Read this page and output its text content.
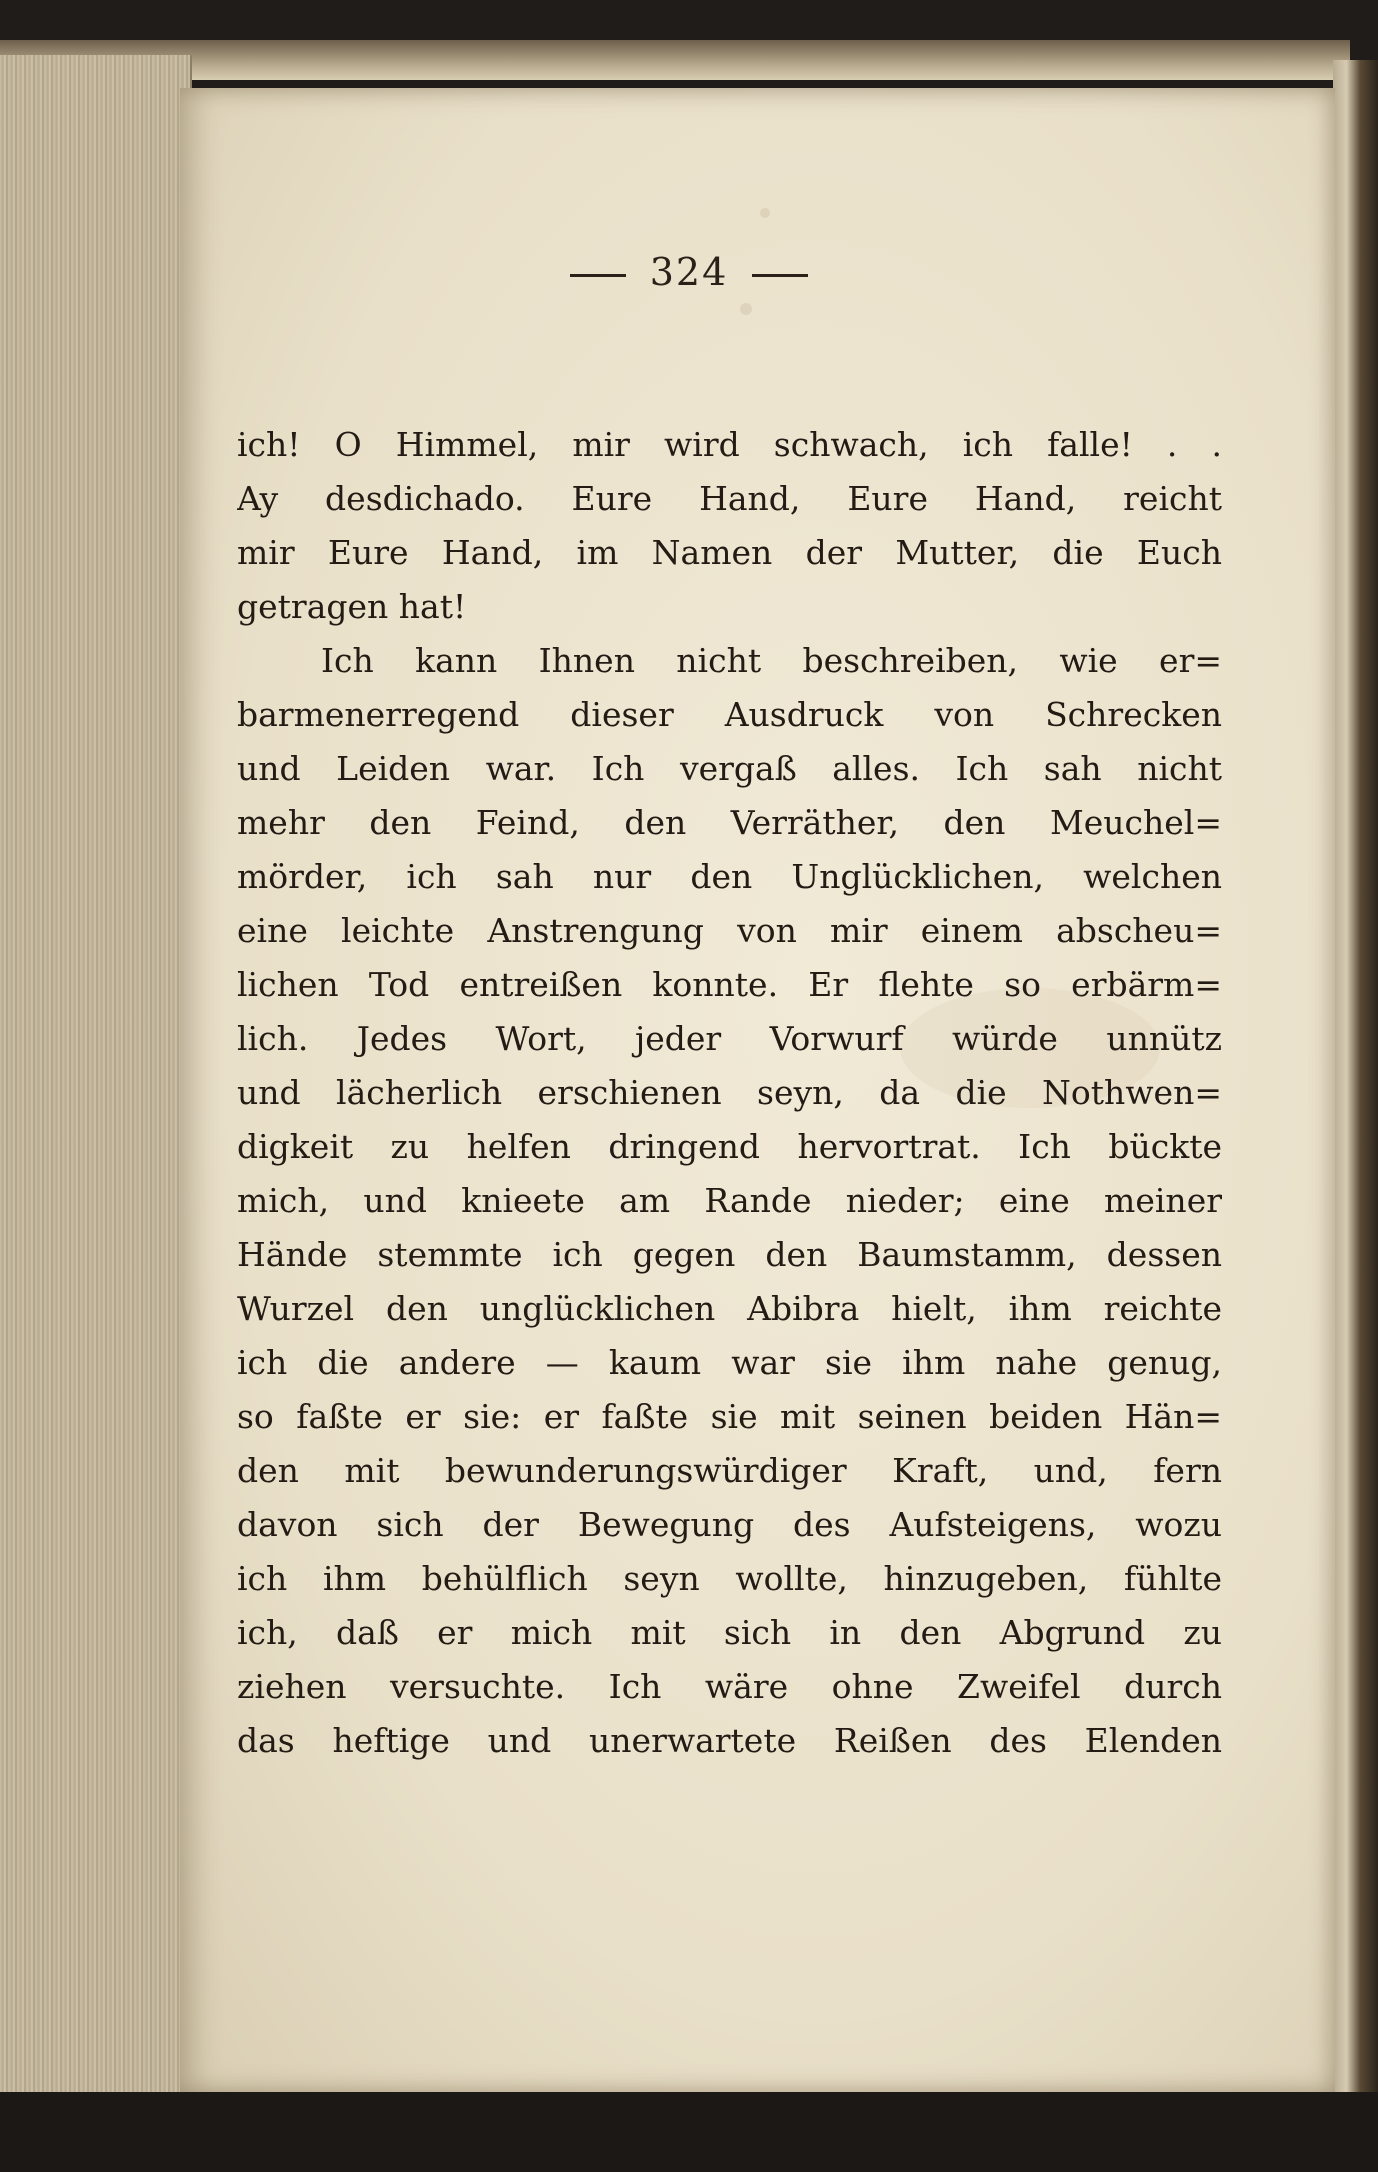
324
ich! O Himmel, mir wird schwach, ich falle! . .
Ay desdichado. Eure Hand, Eure Hand, reicht
mir Eure Hand, im Namen der Mutter, die Euch
getragen hat!
Ich kann Ihnen nicht beschreiben, wie er=
barmenerregend dieser Ausdruck von Schrecken
und Leiden war. Ich vergaß alles. Ich sah nicht
mehr den Feind, den Verräther, den Meuchel=
mörder, ich sah nur den Unglücklichen, welchen
eine leichte Anstrengung von mir einem abscheu=
lichen Tod entreißen konnte. Er flehte so erbärm=
lich. Jedes Wort, jeder Vorwurf würde unnütz
und lächerlich erschienen seyn, da die Nothwen=
digkeit zu helfen dringend hervortrat. Ich bückte
mich, und knieete am Rande nieder; eine meiner
Hände stemmte ich gegen den Baumstamm, dessen
Wurzel den unglücklichen Abibra hielt, ihm reichte
ich die andere — kaum war sie ihm nahe genug,
so faßte er sie: er faßte sie mit seinen beiden Hän=
den mit bewunderungswürdiger Kraft, und, fern
davon sich der Bewegung des Aufsteigens, wozu
ich ihm behülflich seyn wollte, hinzugeben, fühlte
ich, daß er mich mit sich in den Abgrund zu
ziehen versuchte. Ich wäre ohne Zweifel durch
das heftige und unerwartete Reißen des Elenden
